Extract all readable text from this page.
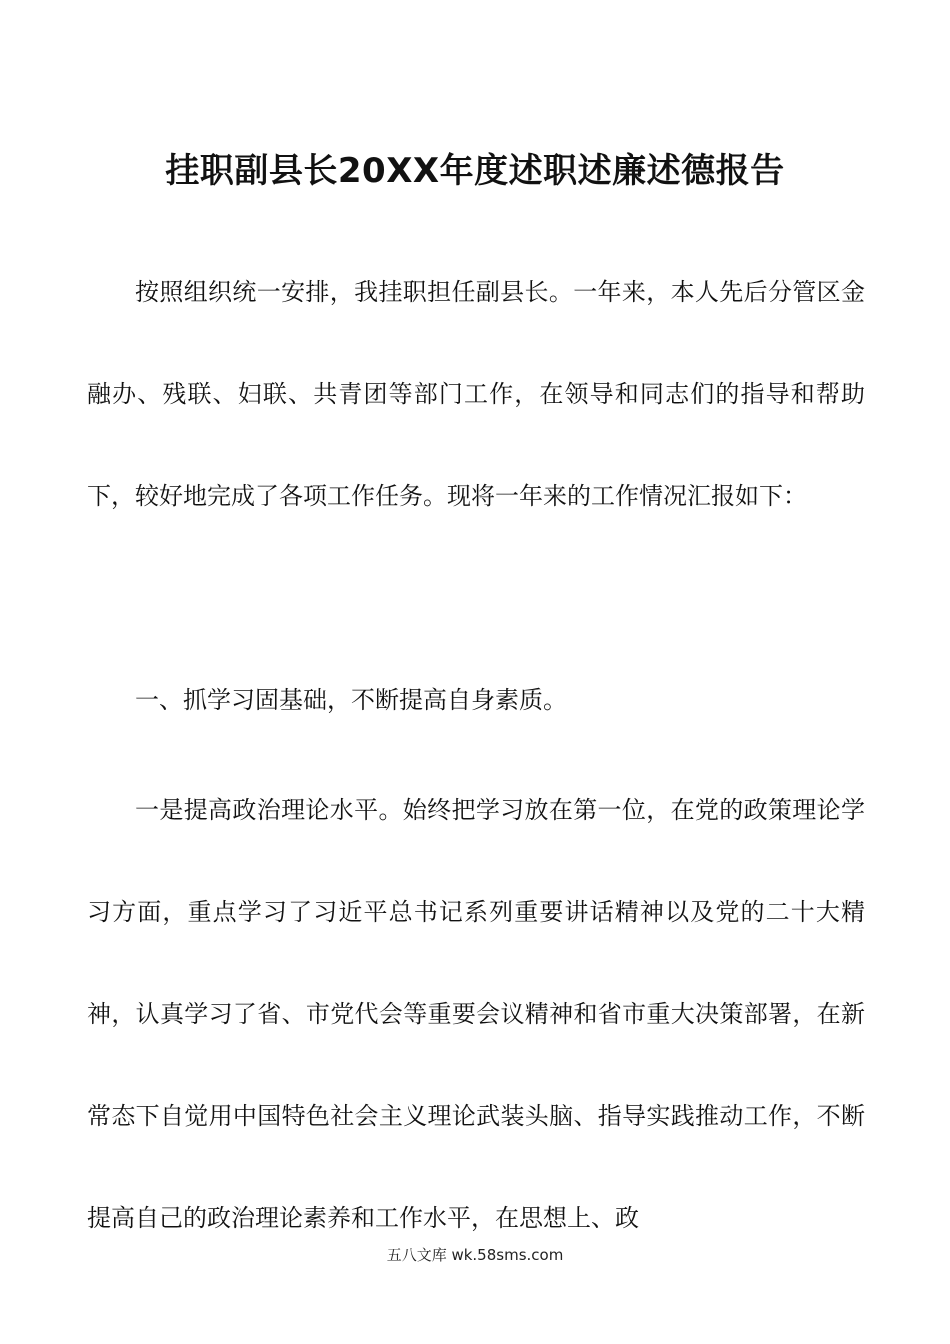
挂职副县长20XX年度述职述廉述德报告

按照组织统一安排，我挂职担任副县长。一年来，本人先后分管区金融办、残联、妇联、共青团等部门工作，在领导和同志们的指导和帮助下，较好地完成了各项工作任务。现将一年来的工作情况汇报如下：

一、抓学习固基础，不断提高自身素质。

一是提高政治理论水平。始终把学习放在第一位，在党的政策理论学习方面，重点学习了习近平总书记系列重要讲话精神以及党的二十大精神，认真学习了省、市党代会等重要会议精神和省市重大决策部署，在新常态下自觉用中国特色社会主义理论武装头脑、指导实践推动工作，不断提高自己的政治理论素养和工作水平，在思想上、政

五八文库 wk.58sms.com
